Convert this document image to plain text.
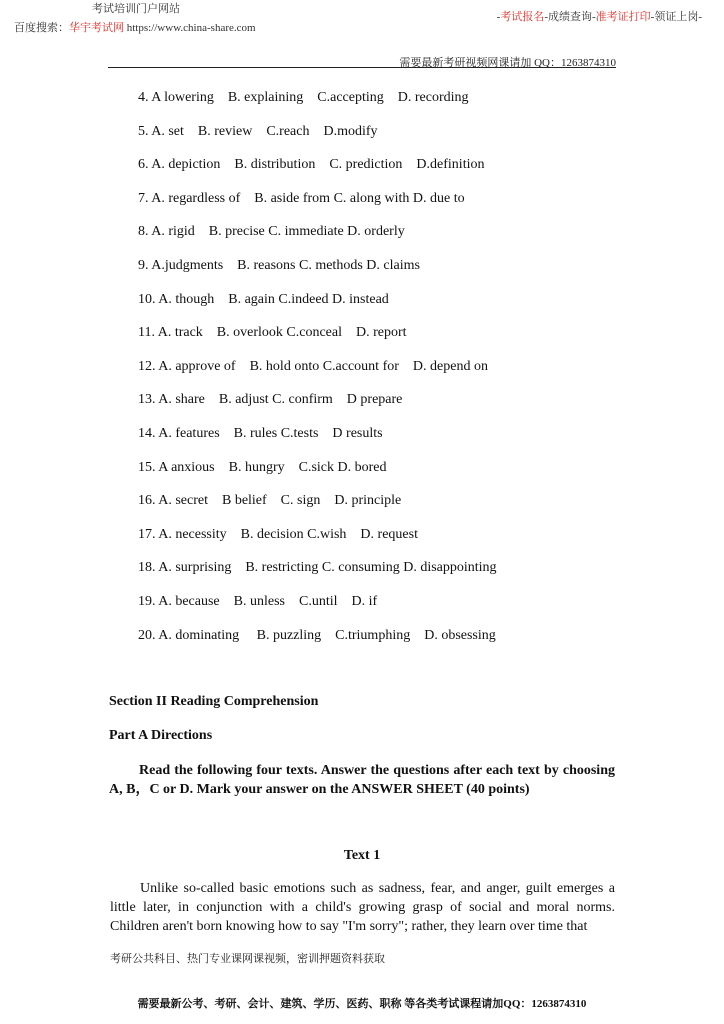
考试培训门户网站
百度搜索：华宇考试网 https://www.china-share.com
-考试报名-成绩查询-准考证打印-领证上岗-
需要最新考研视频网课请加 QQ：1263874310
4. A lowering    B. explaining    C.accepting    D. recording
5. A. set    B. review    C.reach    D.modify
6. A. depiction    B. distribution    C. prediction    D.definition
7. A. regardless of    B. aside from C. along with D. due to
8. A. rigid    B. precise C. immediate D. orderly
9. A.judgments    B. reasons C. methods D. claims
10. A. though    B. again C.indeed D. instead
11. A. track    B. overlook C.conceal    D. report
12. A. approve of    B. hold onto C.account for    D. depend on
13. A. share    B. adjust C. confirm    D prepare
14. A. features    B. rules C.tests    D results
15. A anxious    B. hungry    C.sick D. bored
16. A. secret    B belief    C. sign    D. principle
17. A. necessity    B. decision C.wish    D. request
18. A. surprising    B. restricting C. consuming D. disappointing
19. A. because    B. unless    C.until    D. if
20. A. dominating     B. puzzling    C.triumphing    D. obsessing
Section II Reading Comprehension
Part A Directions
Read the following four texts. Answer the questions after each text by choosing A, B，C or D. Mark your answer on the ANSWER SHEET (40 points)
Text 1
Unlike so-called basic emotions such as sadness, fear, and anger, guilt emerges a little later, in conjunction with a child's growing grasp of social and moral norms. Children aren't born knowing how to say "I'm sorry"; rather, they learn over time that
考研公共科目、热门专业课网课视频，密训押题资料获取
需要最新公考、考研、会计、建筑、学历、医药、职称 等各类考试课程请加QQ：1263874310
